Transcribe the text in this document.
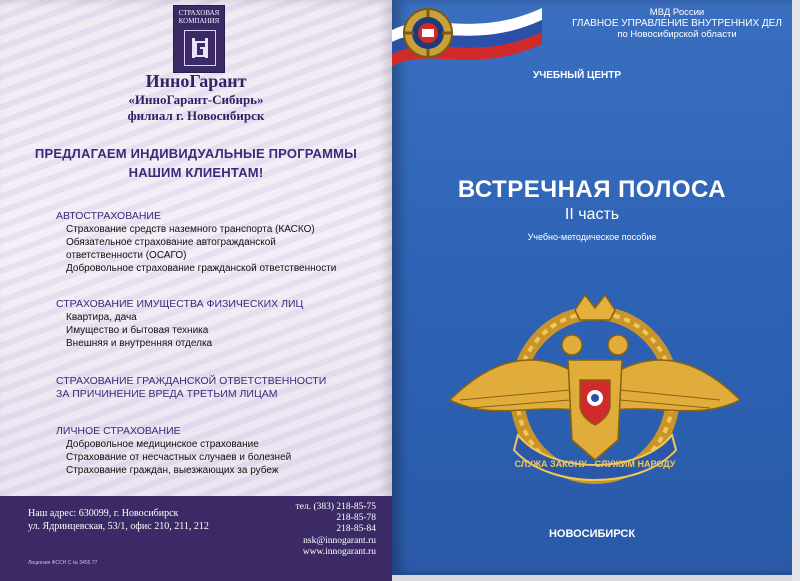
СТРАХОВАЯ КОМПАНИЯ
ИнноГарант
«ИнноГарант-Сибирь»
филиал г. Новосибирск
ПРЕДЛАГАЕМ ИНДИВИДУАЛЬНЫЕ ПРОГРАММЫ
НАШИМ КЛИЕНТАМ!
АВТОСТРАХОВАНИЕ
Страхование средств наземного транспорта (КАСКО)
Обязательное страхование автогражданской
ответственности (ОСАГО)
Добровольное страхование гражданской ответственности
СТРАХОВАНИЕ ИМУЩЕСТВА ФИЗИЧЕСКИХ ЛИЦ
Квартира, дача
Имущество и бытовая техника
Внешняя и внутренняя отделка
СТРАХОВАНИЕ ГРАЖДАНСКОЙ ОТВЕТСТВЕННОСТИ
ЗА ПРИЧИНЕНИЕ ВРЕДА ТРЕТЬИМ ЛИЦАМ
ЛИЧНОЕ СТРАХОВАНИЕ
Добровольное медицинское страхование
Страхование от несчастных случаев и болезней
Страхование граждан, выезжающих за рубеж
Наш адрес: 630099, г. Новосибирск
ул. Ядринцевская, 53/1, офис 210, 211, 212
Лицензия ФССН С № 3455 77
тел. (383) 218-85-75
218-85-78
218-85-84
nsk@innogarant.ru
www.innogarant.ru
МВД России
ГЛАВНОЕ УПРАВЛЕНИЕ ВНУТРЕННИХ ДЕЛ
по Новосибирской области
УЧЕБНЫЙ ЦЕНТР
ВСТРЕЧНАЯ ПОЛОСА
II часть
Учебно-методическое пособие
СЛУЖА ЗАКОНУ - СЛУЖИМ НАРОДУ
НОВОСИБИРСК
